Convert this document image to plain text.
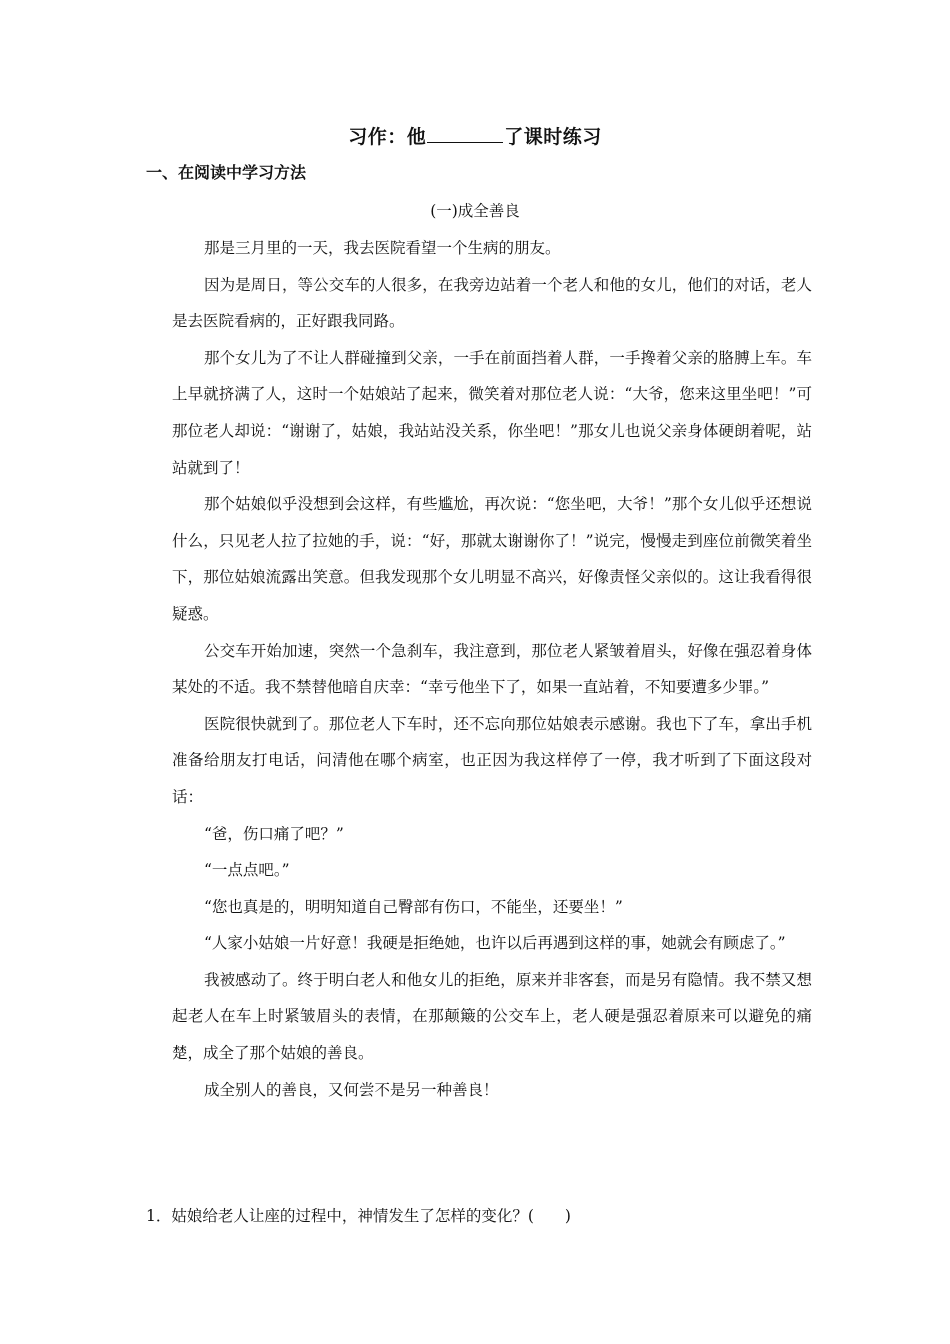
习作：他	了课时练习
一、在阅读中学习方法
(一)成全善良

那是三月里的一天，我去医院看望一个生病的朋友。

因为是周日，等公交车的人很多，在我旁边站着一个老人和他的女儿，他们的对话，老人是去医院看病的，正好跟我同路。

那个女儿为了不让人群碰撞到父亲，一手在前面挡着人群，一手搀着父亲的胳膊上车。车上早就挤满了人，这时一个姑娘站了起来，微笑着对那位老人说：“大爷，您来这里坐吧！”可那位老人却说：“谢谢了，姑娘，我站站没关系，你坐吧！”那女儿也说父亲身体硬朗着呢，站站就到了！

那个姑娘似乎没想到会这样，有些尴尬，再次说：“您坐吧，大爷！”那个女儿似乎还想说什么，只见老人拉了拉她的手，说：“好，那就太谢谢你了！”说完，慢慢走到座位前微笑着坐下，那位姑娘流露出笑意。但我发现那个女儿明显不高兴，好像责怪父亲似的。这让我看得很疑惑。

公交车开始加速，突然一个急刹车，我注意到，那位老人紧皱着眉头，好像在强忍着身体某处的不适。我不禁替他暗自庆幸：“幸亏他坐下了，如果一直站着，不知要遭多少罪。”

医院很快就到了。那位老人下车时，还不忘向那位姑娘表示感谢。我也下了车，拿出手机准备给朋友打电话，问清他在哪个病室，也正因为我这样停了一停，我才听到了下面这段对话：

“爸，伤口痛了吧？”

“一点点吧。”

“您也真是的，明明知道自己臀部有伤口，不能坐，还要坐！”

“人家小姑娘一片好意！我硬是拒绝她，也许以后再遇到这样的事，她就会有顾虑了。”

我被感动了。终于明白老人和他女儿的拒绝，原来并非客套，而是另有隐情。我不禁又想起老人在车上时紧皱眉头的表情，在那颠簸的公交车上，老人硬是强忍着原来可以避免的痛楚，成全了那个姑娘的善良。

成全别人的善良，又何尝不是另一种善良！

1．姑娘给老人让座的过程中，神情发生了怎样的变化？(　　)
